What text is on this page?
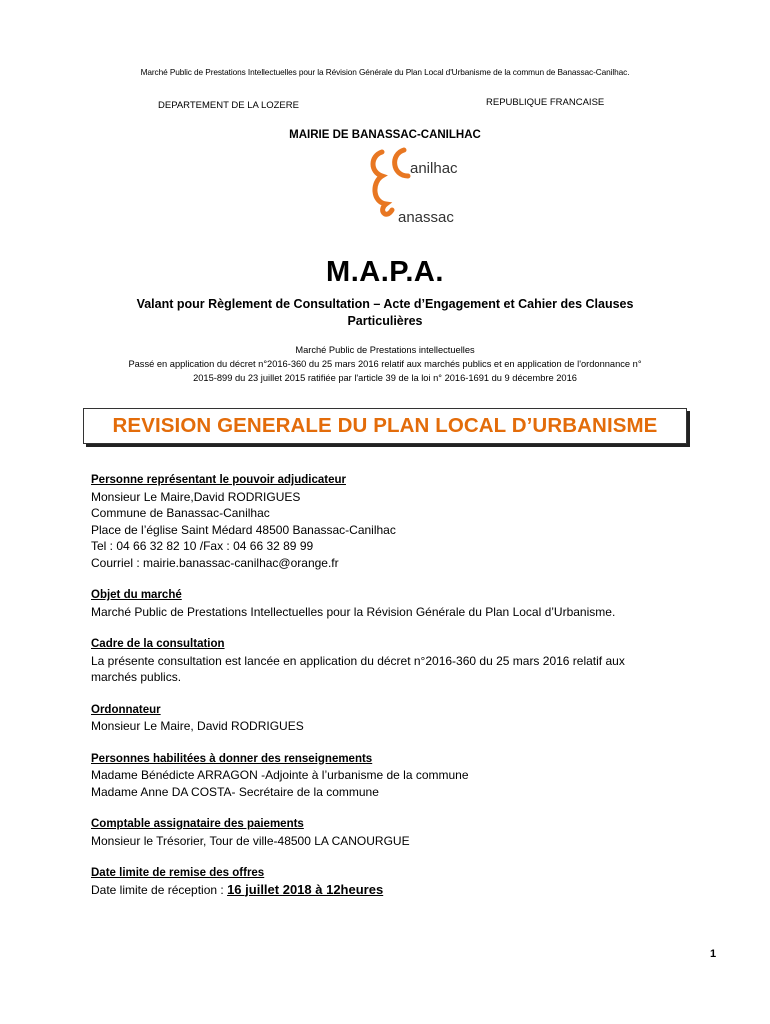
Marché Public de Prestations Intellectuelles pour la Révision Générale du Plan Local d'Urbanisme de la commun de Banassac-Canilhac.
DEPARTEMENT DE LA LOZERE	REPUBLIQUE FRANCAISE
MAIRIE DE BANASSAC-CANILHAC
anilhac
anassac
M.A.P.A.
Valant pour Règlement de Consultation – Acte d’Engagement et Cahier des Clauses
Particulières
Marché Public de Prestations intellectuelles
Passé en application du décret n°2016-360 du 25 mars 2016 relatif aux marchés publics et en application de l'ordonnance n°
2015-899 du 23 juillet 2015 ratifiée par l'article 39 de la loi n° 2016-1691 du 9 décembre 2016
REVISION GENERALE DU PLAN LOCAL D’URBANISME
Personne représentant le pouvoir adjudicateur
Monsieur Le Maire,David RODRIGUES
Commune de Banassac-Canilhac
Place de l’église Saint Médard 48500 Banassac-Canilhac
Tel : 04 66 32 82 10 /Fax : 04 66 32 89 99
Courriel : mairie.banassac-canilhac@orange.fr
Objet du marché
Marché Public de Prestations Intellectuelles pour la Révision Générale du Plan Local d’Urbanisme.
Cadre de la consultation
La présente consultation est lancée en application du décret n°2016-360 du 25 mars 2016 relatif aux
marchés publics.
Ordonnateur
Monsieur Le Maire, David RODRIGUES
Personnes habilitées à donner des renseignements
Madame Bénédicte ARRAGON -Adjointe à l’urbanisme de la commune
Madame Anne DA COSTA- Secrétaire de la commune
Comptable assignataire des paiements
Monsieur le Trésorier, Tour de ville-48500 LA CANOURGUE
Date limite de remise des offres
Date limite de réception : 16 juillet 2018 à 12heures
1
